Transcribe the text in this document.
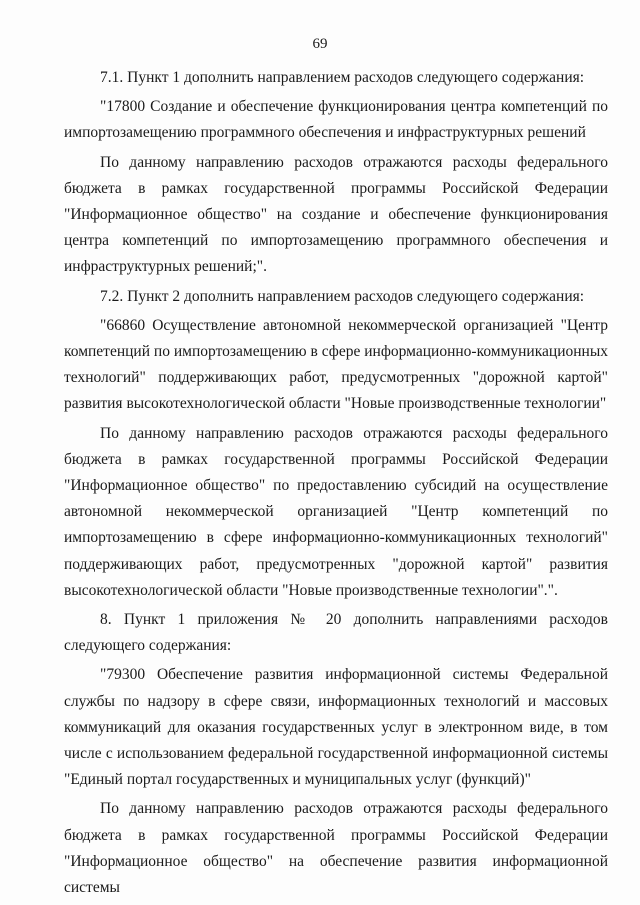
69

7.1. Пункт 1 дополнить направлением расходов следующего содержания:

"17800 Создание и обеспечение функционирования центра компетенций по импортозамещению программного обеспечения и инфраструктурных решений

По данному направлению расходов отражаются расходы федерального бюджета в рамках государственной программы Российской Федерации "Информационное общество" на создание и обеспечение функционирования центра компетенций по импортозамещению программного обеспечения и инфраструктурных решений;".

7.2. Пункт 2 дополнить направлением расходов следующего содержания:

"66860 Осуществление автономной некоммерческой организацией "Центр компетенций по импортозамещению в сфере информационно-коммуникационных технологий" поддерживающих работ, предусмотренных "дорожной картой" развития высокотехнологической области "Новые производственные технологии"

По данному направлению расходов отражаются расходы федерального бюджета в рамках государственной программы Российской Федерации "Информационное общество" по предоставлению субсидий на осуществление автономной некоммерческой организацией "Центр компетенций по импортозамещению в сфере информационно-коммуникационных технологий" поддерживающих работ, предусмотренных "дорожной картой" развития высокотехнологической области "Новые производственные технологии".".

8. Пункт 1 приложения № 20 дополнить направлениями расходов следующего содержания:

"79300 Обеспечение развития информационной системы Федеральной службы по надзору в сфере связи, информационных технологий и массовых коммуникаций для оказания государственных услуг в электронном виде, в том числе с использованием федеральной государственной информационной системы "Единый портал государственных и муниципальных услуг (функций)"

По данному направлению расходов отражаются расходы федерального бюджета в рамках государственной программы Российской Федерации "Информационное общество" на обеспечение развития информационной системы
